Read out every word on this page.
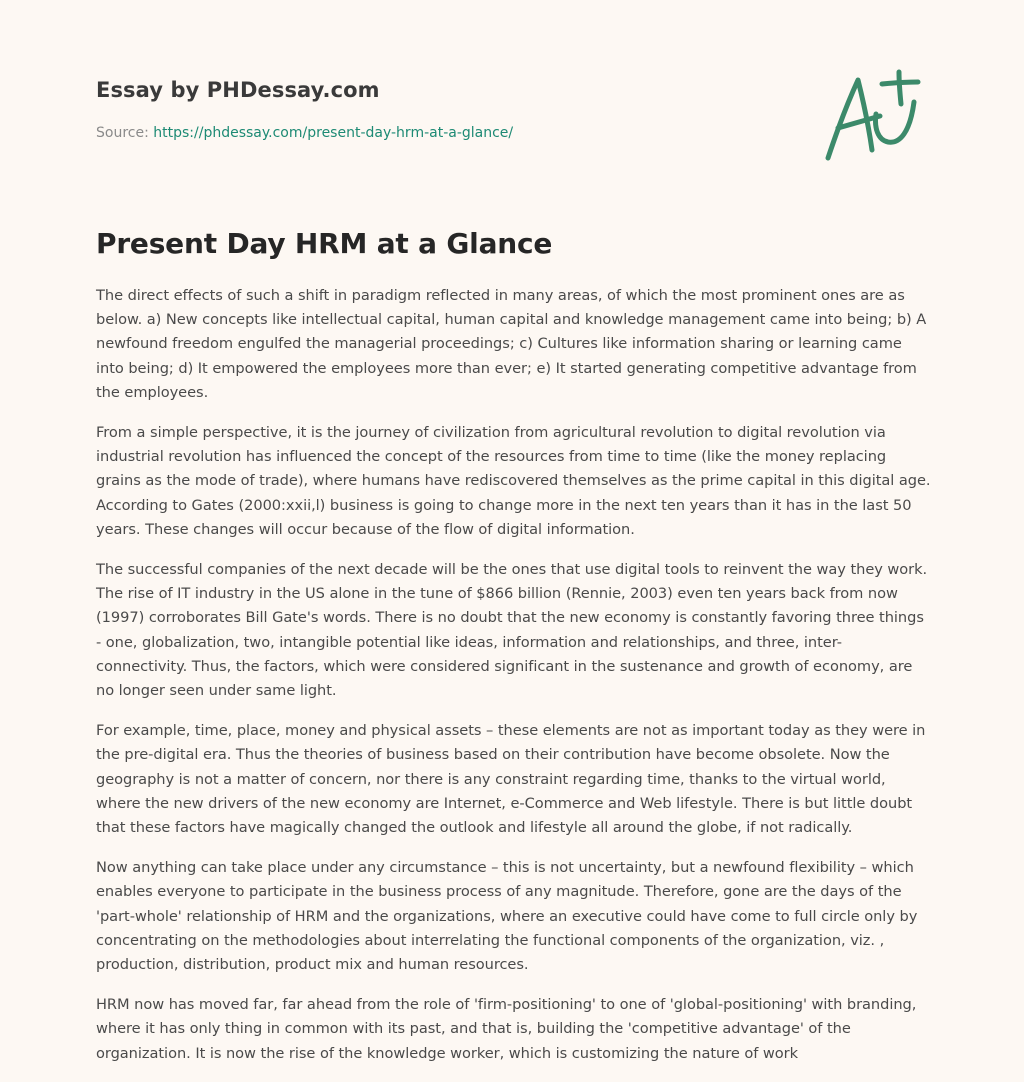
Essay by PHDessay.com
Source: https://phdessay.com/present-day-hrm-at-a-glance/
Present Day HRM at a Glance

The direct effects of such a shift in paradigm reflected in many areas, of which the most prominent ones are as below. a) New concepts like intellectual capital, human capital and knowledge management came into being; b) A newfound freedom engulfed the managerial proceedings; c) Cultures like information sharing or learning came into being; d) It empowered the employees more than ever; e) It started generating competitive advantage from the employees.

From a simple perspective, it is the journey of civilization from agricultural revolution to digital revolution via industrial revolution has influenced the concept of the resources from time to time (like the money replacing grains as the mode of trade), where humans have rediscovered themselves as the prime capital in this digital age. According to Gates (2000:xxii,l) business is going to change more in the next ten years than it has in the last 50 years. These changes will occur because of the flow of digital information.

The successful companies of the next decade will be the ones that use digital tools to reinvent the way they work. The rise of IT industry in the US alone in the tune of $866 billion (Rennie, 2003) even ten years back from now (1997) corroborates Bill Gate's words. There is no doubt that the new economy is constantly favoring three things - one, globalization, two, intangible potential like ideas, information and relationships, and three, inter-connectivity. Thus, the factors, which were considered significant in the sustenance and growth of economy, are no longer seen under same light.

For example, time, place, money and physical assets – these elements are not as important today as they were in the pre-digital era. Thus the theories of business based on their contribution have become obsolete. Now the geography is not a matter of concern, nor there is any constraint regarding time, thanks to the virtual world, where the new drivers of the new economy are Internet, e-Commerce and Web lifestyle. There is but little doubt that these factors have magically changed the outlook and lifestyle all around the globe, if not radically.

Now anything can take place under any circumstance – this is not uncertainty, but a newfound flexibility – which enables everyone to participate in the business process of any magnitude. Therefore, gone are the days of the 'part-whole' relationship of HRM and the organizations, where an executive could have come to full circle only by concentrating on the methodologies about interrelating the functional components of the organization, viz. , production, distribution, product mix and human resources.

HRM now has moved far, far ahead from the role of 'firm-positioning' to one of 'global-positioning' with branding, where it has only thing in common with its past, and that is, building the 'competitive advantage' of the organization. It is now the rise of the knowledge worker, which is customizing the nature of work
